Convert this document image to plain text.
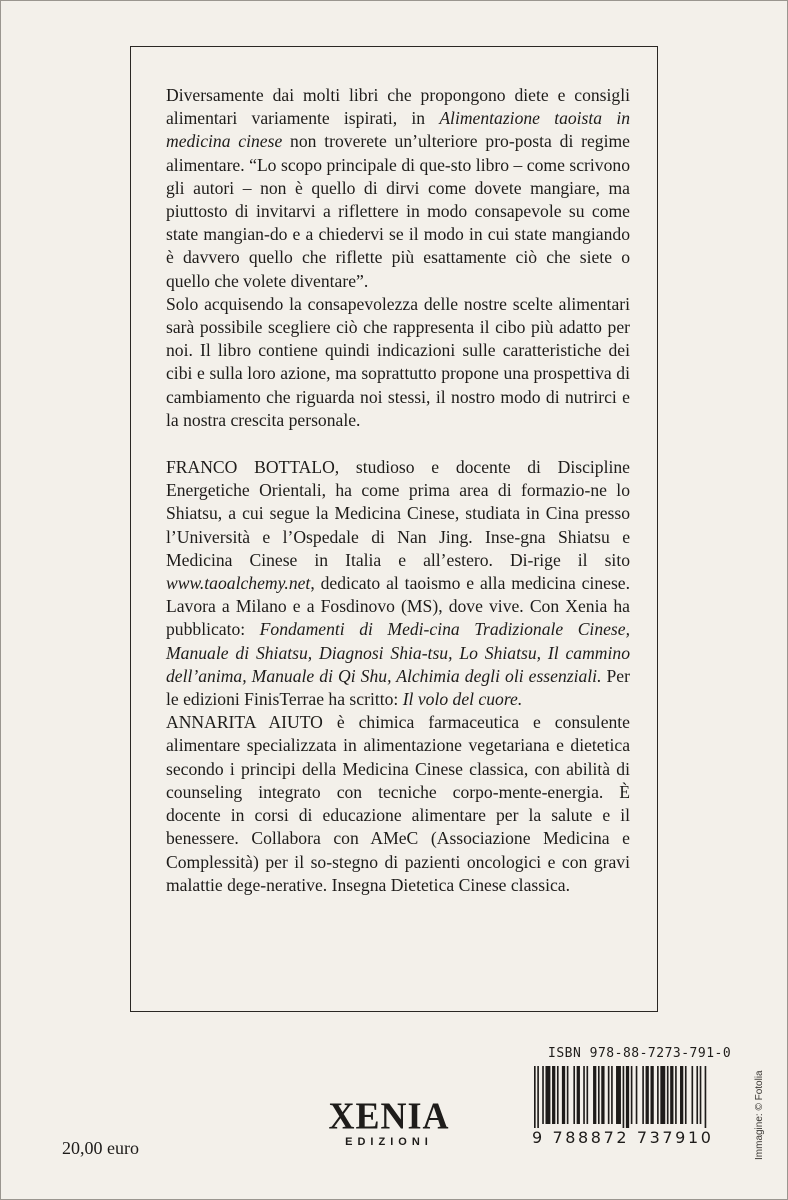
Diversamente dai molti libri che propongono diete e consigli alimentari variamente ispirati, in Alimentazione taoista in medicina cinese non troverete un’ulteriore pro-posta di regime alimentare. “Lo scopo principale di que-sto libro – come scrivono gli autori – non è quello di dirvi come dovete mangiare, ma piuttosto di invitarvi a riflettere in modo consapevole su come state mangian-do e a chiedervi se il modo in cui state mangiando è davvero quello che riflette più esattamente ciò che siete o quello che volete diventare”.

Solo acquisendo la consapevolezza delle nostre scelte alimentari sarà possibile scegliere ciò che rappresenta il cibo più adatto per noi. Il libro contiene quindi indicazioni sulle caratteristiche dei cibi e sulla loro azione, ma soprattutto propone una prospettiva di cambiamento che riguarda noi stessi, il nostro modo di nutrirci e la nostra crescita personale.

FRANCO BOTTALO, studioso e docente di Discipline Energetiche Orientali, ha come prima area di formazio-ne lo Shiatsu, a cui segue la Medicina Cinese, studiata in Cina presso l’Università e l’Ospedale di Nan Jing. Inse-gna Shiatsu e Medicina Cinese in Italia e all’estero. Di-rige il sito www.taoalchemy.net, dedicato al taoismo e alla medicina cinese. Lavora a Milano e a Fosdinovo (MS), dove vive. Con Xenia ha pubblicato: Fondamenti di Medi-cina Tradizionale Cinese, Manuale di Shiatsu, Diagnosi Shia-tsu, Lo Shiatsu, Il cammino dell’anima, Manuale di Qi Shu, Alchimia degli oli essenziali. Per le edizioni FinisTerrae ha scritto: Il volo del cuore.

ANNARITA AIUTO è chimica farmaceutica e consulente alimentare specializzata in alimentazione vegetariana e dietetica secondo i principi della Medicina Cinese classica, con abilità di counseling integrato con tecniche corpo-mente-energia. È docente in corsi di educazione alimentare per la salute e il benessere. Collabora con AMeC (Associazione Medicina e Complessità) per il so-stegno di pazienti oncologici e con gravi malattie dege-nerative. Insegna Dietetica Cinese classica.

ISBN 978-88-7273-791-0
9 788872 737910	Immagine: © Fotolia
XENIA
EDIZIONI
20,00 euro
